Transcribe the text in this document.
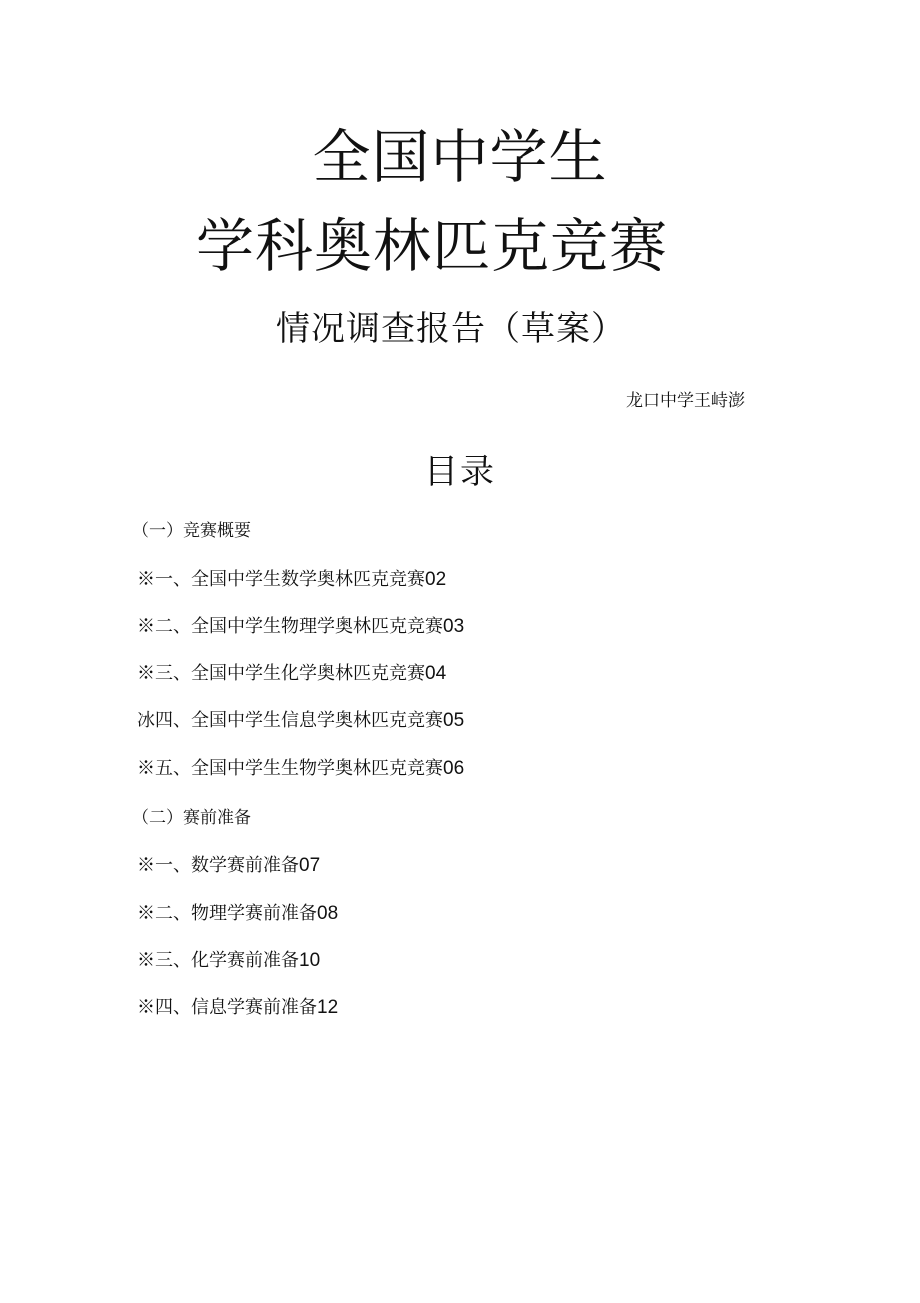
全国中学生
学科奥林匹克竞赛
情况调查报告（草案）
龙口中学王峙澎
目录
（一）竞赛概要
※一、全国中学生数学奥林匹克竞赛02
※二、全国中学生物理学奥林匹克竞赛03
※三、全国中学生化学奥林匹克竞赛04
冰四、全国中学生信息学奥林匹克竞赛05
※五、全国中学生生物学奥林匹克竞赛06
（二）赛前准备
※一、数学赛前准备07
※二、物理学赛前准备08
※三、化学赛前准备10
※四、信息学赛前准备12
